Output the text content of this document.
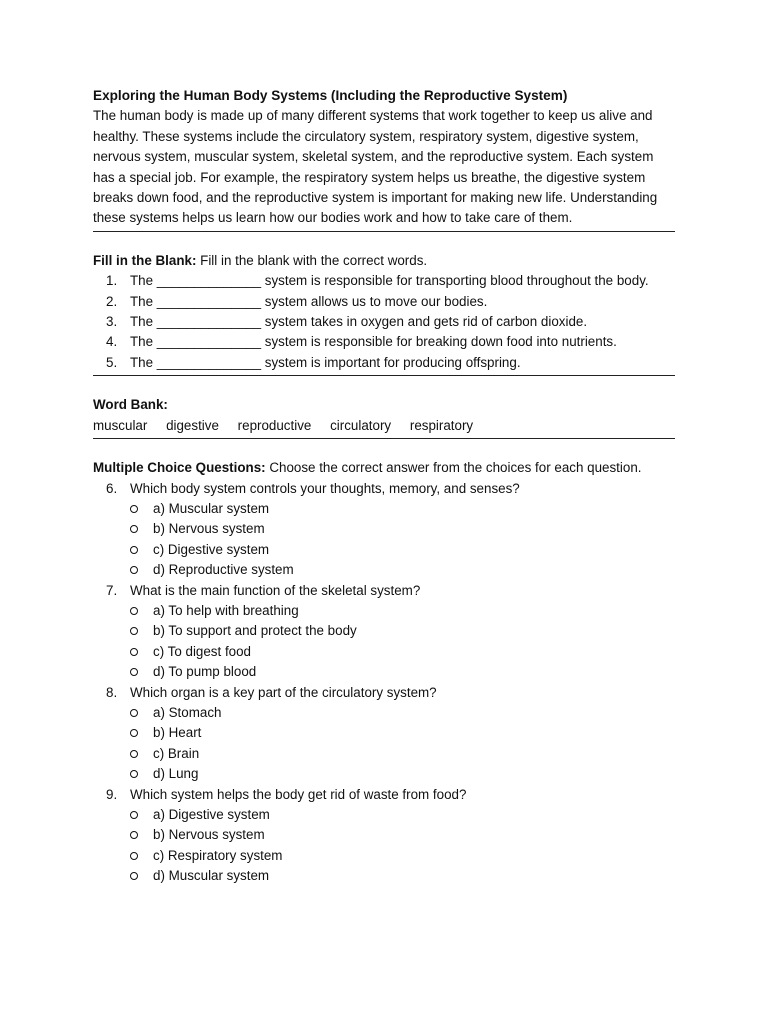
Exploring the Human Body Systems (Including the Reproductive System)

The human body is made up of many different systems that work together to keep us alive and healthy. These systems include the circulatory system, respiratory system, digestive system, nervous system, muscular system, skeletal system, and the reproductive system. Each system has a special job. For example, the respiratory system helps us breathe, the digestive system breaks down food, and the reproductive system is important for making new life. Understanding these systems helps us learn how our bodies work and how to take care of them.

Fill in the Blank: Fill in the blank with the correct words.

1. The ______________ system is responsible for transporting blood throughout the body.
2. The ______________ system allows us to move our bodies.
3. The ______________ system takes in oxygen and gets rid of carbon dioxide.
4. The ______________ system is responsible for breaking down food into nutrients.
5. The ______________ system is important for producing offspring.

Word Bank:

muscular digestive reproductive circulatory respiratory

Multiple Choice Questions: Choose the correct answer from the choices for each question.

6. Which body system controls your thoughts, memory, and senses?
a) Muscular system
b) Nervous system
c) Digestive system
d) Reproductive system
7. What is the main function of the skeletal system?
a) To help with breathing
b) To support and protect the body
c) To digest food
d) To pump blood
8. Which organ is a key part of the circulatory system?
a) Stomach
b) Heart
c) Brain
d) Lung
9. Which system helps the body get rid of waste from food?
a) Digestive system
b) Nervous system
c) Respiratory system
d) Muscular system
